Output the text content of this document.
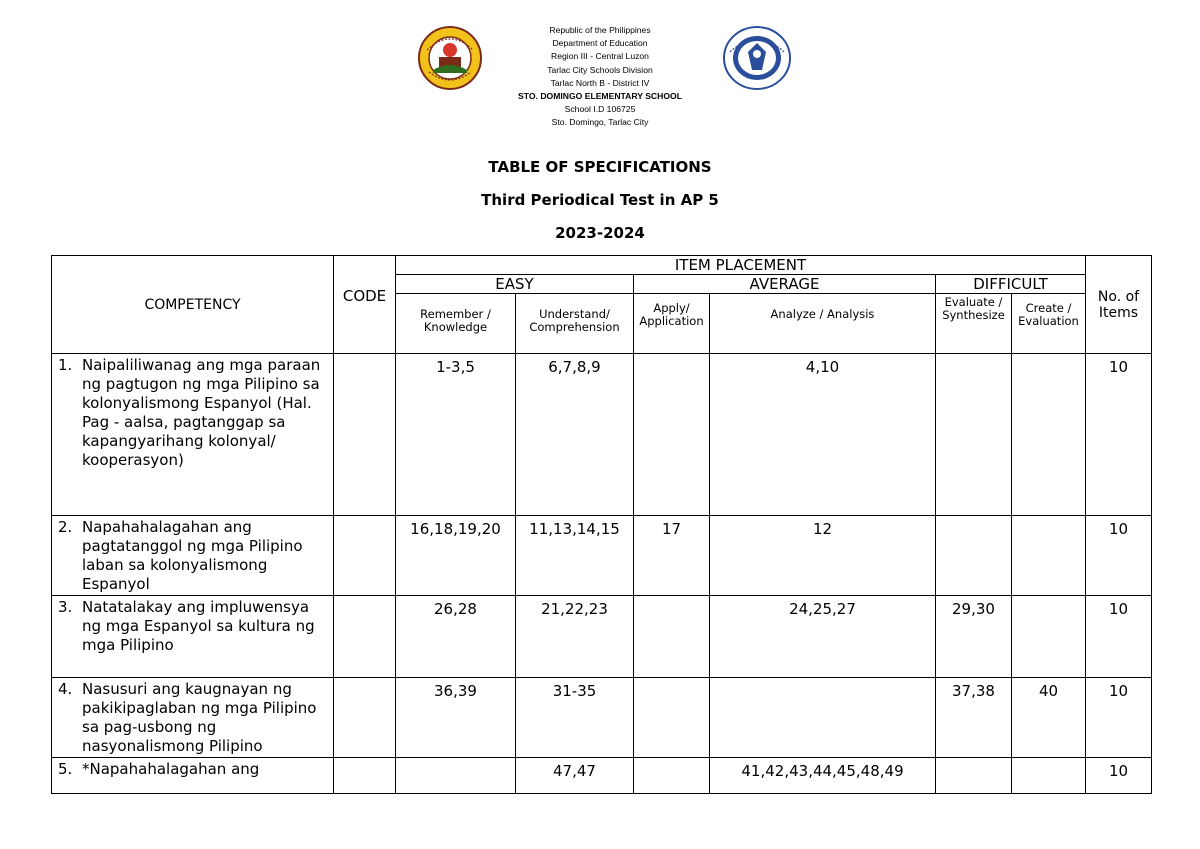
Republic of the Philippines
Department of Education
Region III - Central Luzon
Tarlac City Schools Division
Tarlac North B - District IV
STO. DOMINGO ELEMENTARY SCHOOL
School I.D 106725
Sto. Domingo, Tarlac City
TABLE OF SPECIFICATIONS
Third Periodical Test in AP 5
2023-2024
COMPETENCY	CODE	ITEM PLACEMENT						No. of Items
		EASY		AVERAGE		DIFFICULT		
		Remember / Knowledge	Understand/ Comprehension	Apply/ Application	Analyze / Analysis	Evaluate / Synthesize	Create / Evaluation	
1. Naipaliliwanag ang mga paraan ng pagtugon ng mga Pilipino sa kolonyalismong Espanyol (Hal. Pag - aalsa, pagtanggap sa kapangyarihang kolonyal/ kooperasyon)		1-3,5	6,7,8,9		4,10			10
2. Napahahalagahan ang pagtatanggol ng mga Pilipino laban sa kolonyalismong Espanyol		16,18,19,20	11,13,14,15	17	12			10
3. Natatalakay ang impluwensya ng mga Espanyol sa kultura ng mga Pilipino		26,28	21,22,23		24,25,27	29,30		10
4. Nasusuri ang kaugnayan ng pakikipaglaban ng mga Pilipino sa pag-usbong ng nasyonalismong Pilipino		36,39	31-35			37,38	40	10
5. *Napahahalagahan ang			47,47		41,42,43,44,45,48,49			10
